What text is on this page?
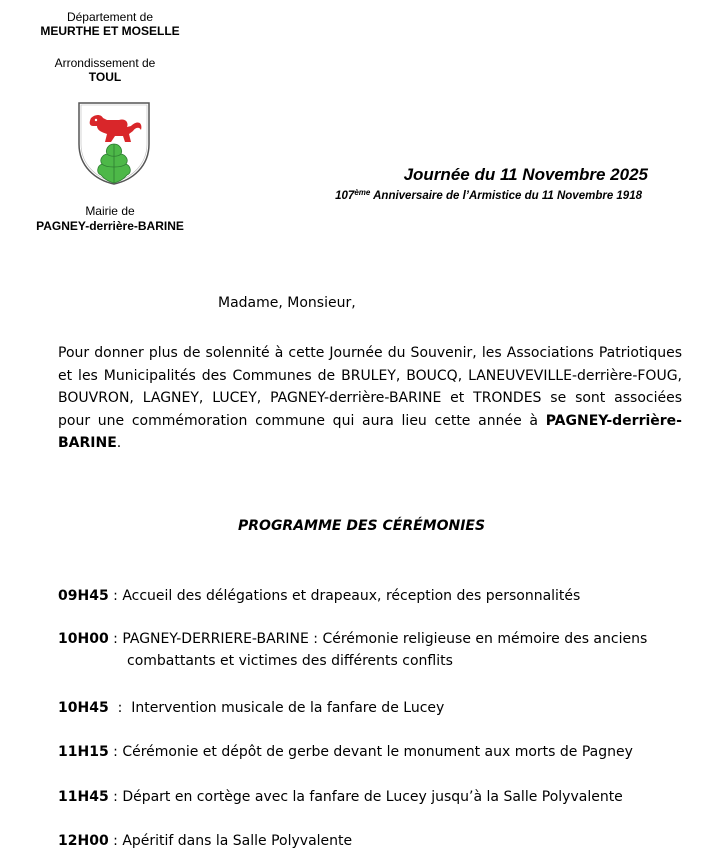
Département de
MEURTHE ET MOSELLE
Arrondissement de
TOUL
Mairie de
PAGNEY-derrière-BARINE
Journée du 11 Novembre 2025
107ème Anniversaire de l’Armistice du 11 Novembre 1918
Madame, Monsieur,
Pour donner plus de solennité à cette Journée du Souvenir, les Associations Patriotiques et les Municipalités des Communes de BRULEY, BOUCQ, LANEUVEVILLE-derrière-FOUG, BOUVRON, LAGNEY, LUCEY, PAGNEY-derrière-BARINE et TRONDES se sont associées pour une commémoration commune qui aura lieu cette année à PAGNEY-derrière-BARINE.
PROGRAMME DES CÉRÉMONIES
09H45 : Accueil des délégations et drapeaux, réception des personnalités
10H00 : PAGNEY-DERRIERE-BARINE : Cérémonie religieuse en mémoire des anciens
combattants et victimes des différents conflits
10H45  :  Intervention musicale de la fanfare de Lucey
11H15 : Cérémonie et dépôt de gerbe devant le monument aux morts de Pagney
11H45 : Départ en cortège avec la fanfare de Lucey jusqu’à la Salle Polyvalente
12H00 : Apéritif dans la Salle Polyvalente
